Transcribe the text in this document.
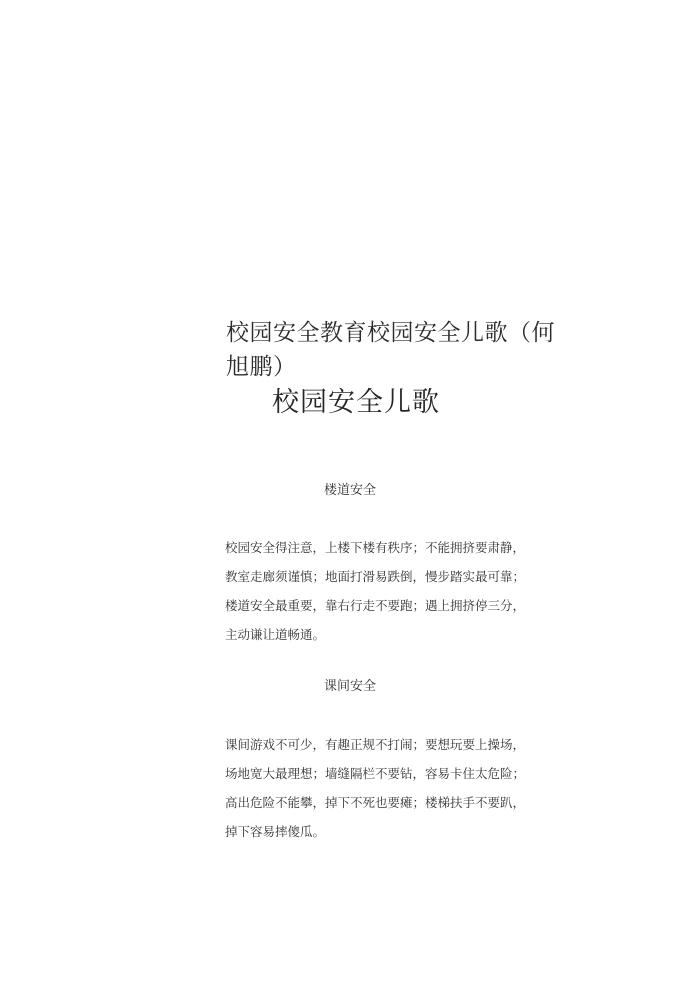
校园安全教育校园安全儿歌（何旭鹏）
校园安全儿歌
楼道安全
校园安全得注意，上楼下楼有秩序；不能拥挤要肃静，
教室走廊须谨慎；地面打滑易跌倒，慢步踏实最可靠；
楼道安全最重要，靠右行走不要跑；遇上拥挤停三分，
主动谦让道畅通。
课间安全
课间游戏不可少，有趣正规不打闹；要想玩要上操场，
场地宽大最理想；墙缝隔栏不要钻，容易卡住太危险；
高出危险不能攀，掉下不死也要瘫；楼梯扶手不要趴，
掉下容易摔傻瓜。
